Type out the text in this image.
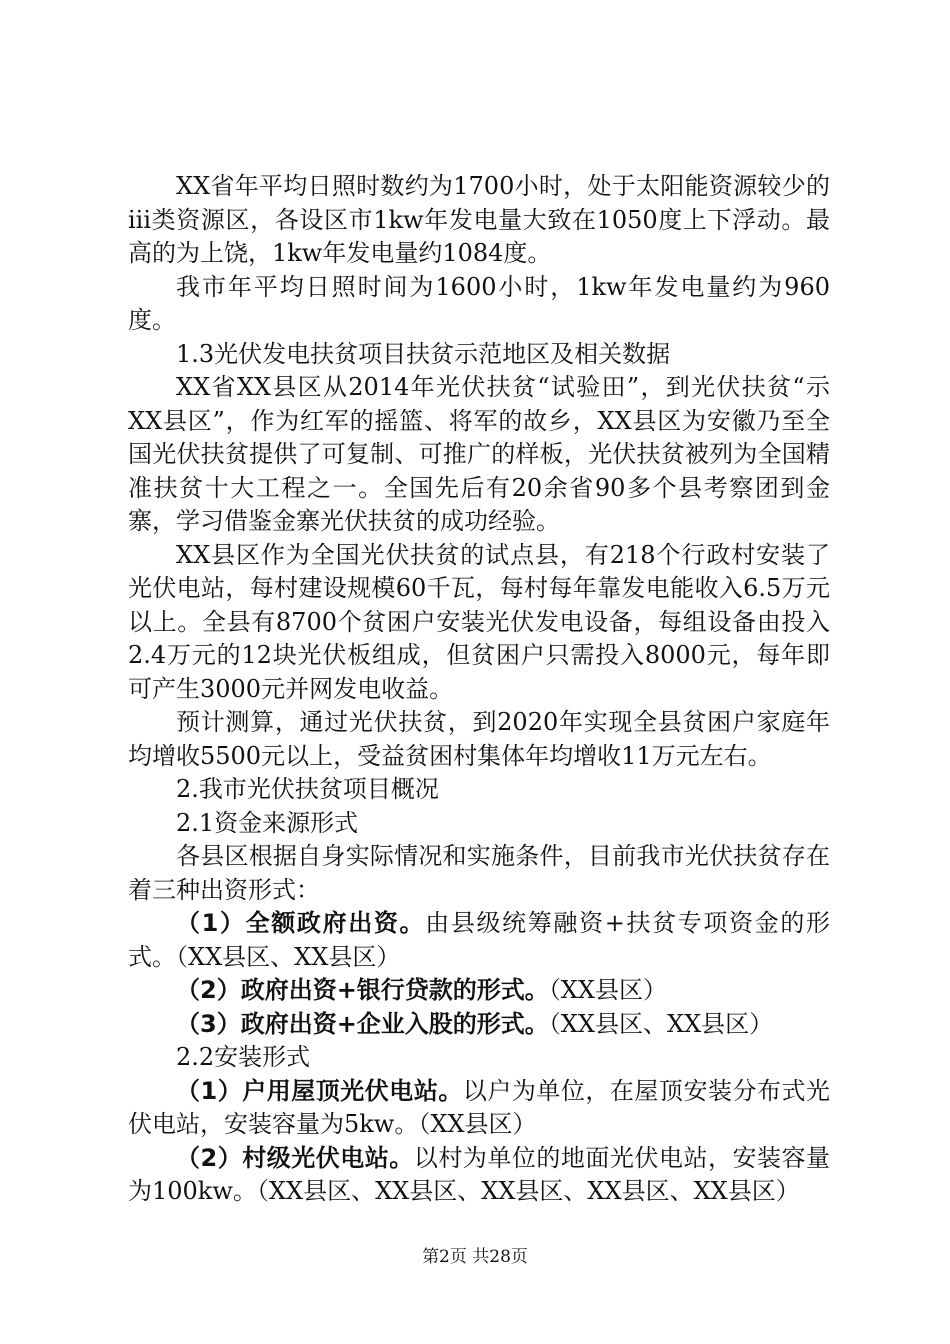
XX省年平均日照时数约为1700小时，处于太阳能资源较少的iii类资源区，各设区市1kw年发电量大致在1050度上下浮动。最高的为上饶，1kw年发电量约1084度。

我市年平均日照时间为1600小时，1kw年发电量约为960度。

1.3光伏发电扶贫项目扶贫示范地区及相关数据

XX省XX县区从2014年光伏扶贫“试验田”，到光伏扶贫“示XX县区”，作为红军的摇篮、将军的故乡，XX县区为安徽乃至全国光伏扶贫提供了可复制、可推广的样板，光伏扶贫被列为全国精准扶贫十大工程之一。全国先后有20余省90多个县考察团到金寨，学习借鉴金寨光伏扶贫的成功经验。

XX县区作为全国光伏扶贫的试点县，有218个行政村安装了光伏电站，每村建设规模60千瓦，每村每年靠发电能收入6.5万元以上。全县有8700个贫困户安装光伏发电设备，每组设备由投入2.4万元的12块光伏板组成，但贫困户只需投入8000元，每年即可产生3000元并网发电收益。

预计测算，通过光伏扶贫，到2020年实现全县贫困户家庭年均增收5500元以上，受益贫困村集体年均增收11万元左右。

2.我市光伏扶贫项目概况

2.1资金来源形式

各县区根据自身实际情况和实施条件，目前我市光伏扶贫存在着三种出资形式：

（1）全额政府出资。由县级统筹融资+扶贫专项资金的形式。（XX县区、XX县区）

（2）政府出资+银行贷款的形式。（XX县区）

（3）政府出资+企业入股的形式。（XX县区、XX县区）

2.2安装形式

（1）户用屋顶光伏电站。以户为单位，在屋顶安装分布式光伏电站，安装容量为5kw。（XX县区）

（2）村级光伏电站。以村为单位的地面光伏电站，安装容量为100kw。（XX县区、XX县区、XX县区、XX县区、XX县区）

第2页 共28页
